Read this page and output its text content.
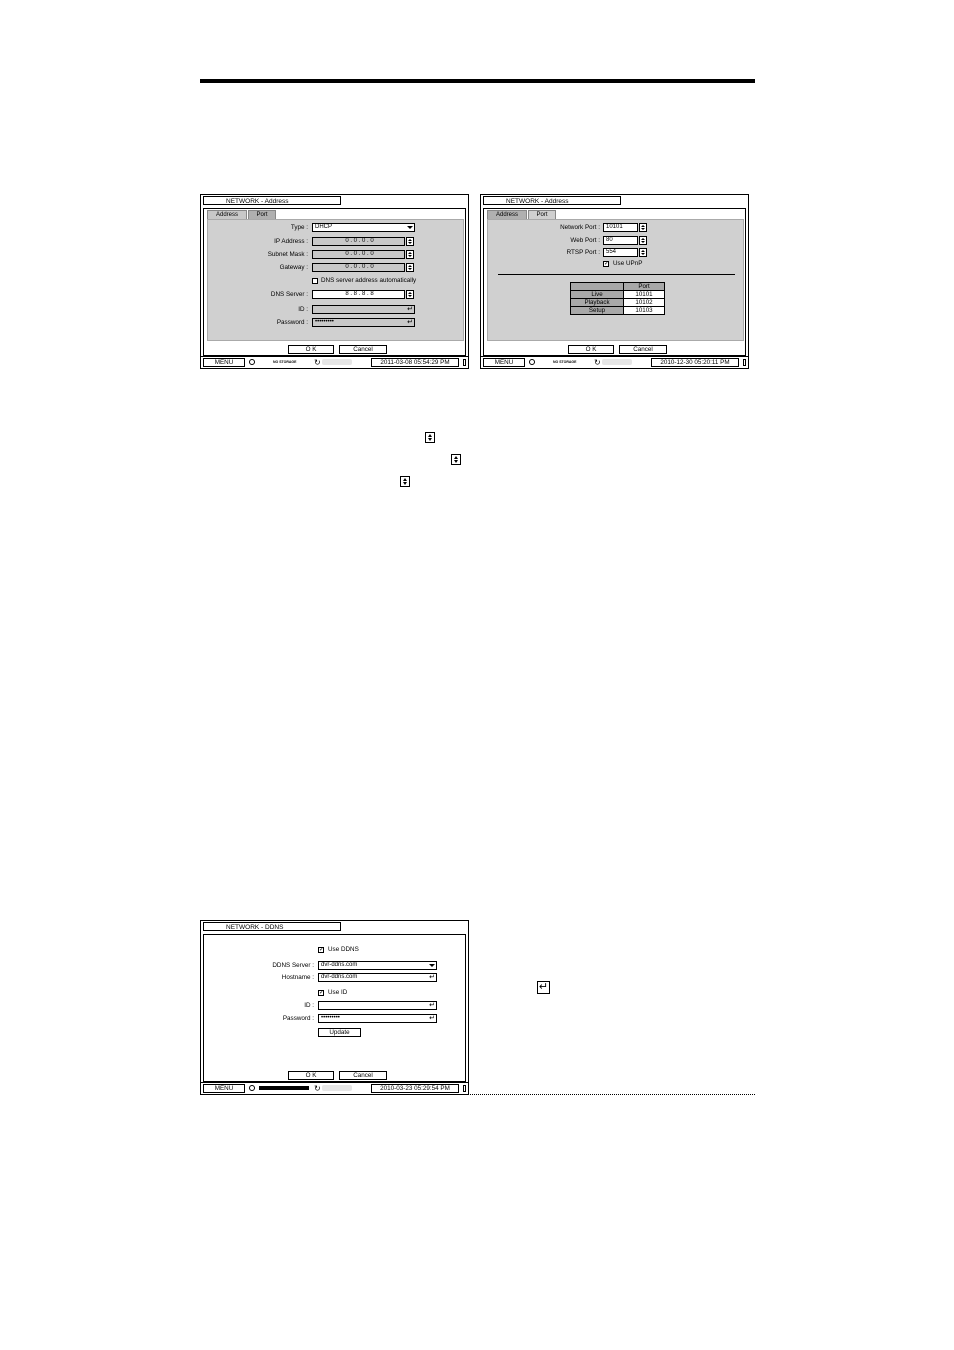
NETWORK - Address
Address	Port
Type :	DHCP
IP Address :	0 . 0 . 0 . 0
Subnet Mask :	0 . 0 . 0 . 0
Gateway :	0 . 0 . 0 . 0
DNS server address automatically
DNS Server :	8 . 8 . 8 . 8
ID :	↵
Password :	•••••••••	↵
O K	Cancel
MENU	NO STORAGE ↻	2011-03-08 05:54:29 PM
NETWORK - Address
Address	Port
Network Port :	10101
Web Port :	80
RTSP Port :	554
✓ Use UPnP
	Port
Live	10101
Playback	10102
Setup	10103
O K	Cancel
MENU	NO STORAGE ↻	2010-12-30 05:20:11 PM
↵
NETWORK - DDNS
✓ Use DDNS
DDNS Server :	dvr-ddns.com
Hostname :	dvr-ddns.com	↵
✓ Use ID
ID :	↵
Password :	•••••••••	↵
Update
O K	Cancel
MENU	↻	2010-03-23 05:29:54 PM
